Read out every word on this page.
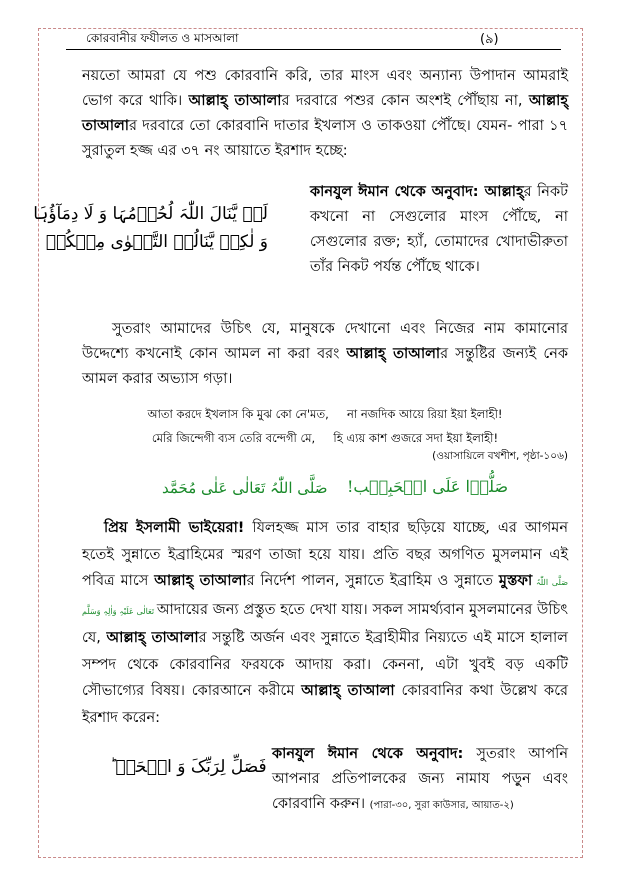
কোরবানীর ফযীলত ও মাসআলা	(৯)
নয়তো আমরা যে পশু কোরবানি করি, তার মাংস এবং অন্যান্য উপাদান আমরাই ভোগ করে থাকি। আল্লাহ্ তাআলার দরবারে পশুর কোন অংশই পৌঁছায় না, আল্লাহ্ তাআলার দরবারে তো কোরবানি দাতার ইখলাস ও তাকওয়া পৌঁছে। যেমন- পারা ১৭ সুরাতুল হজ্জ এর ৩৭ নং আয়াতে ইরশাদ হচ্ছে:
لَنۡ یَّنَالَ اللّٰہَ لُحُوۡمُہَا وَ لَا دِمَآؤُہَا
وَ لٰکِنۡ یَّنَالُہُ التَّقۡوٰی مِنۡکُمۡ
কানযুল ঈমান থেকে অনুবাদ: আল্লাহ্র নিকট কখনো না সেগুলোর মাংস পৌঁছে, না সেগুলোর রক্ত; হ্যাঁ, তোমাদের খোদাভীরুতা তাঁর নিকট পর্যন্ত পৌঁছে থাকে।
সুতরাং আমাদের উচিৎ যে, মানুষকে দেখানো এবং নিজের নাম কামানোর উদ্দেশ্যে কখনোই কোন আমল না করা বরং আল্লাহ্ তাআলার সন্তুষ্টির জন্যই নেক আমল করার অভ্যাস গড়া।
আতা করদে ইখলাস কি মুঝ কো নে'মত,     না নজদিক আয়ে রিয়া ইয়া ইলাহী!
মেরি জিন্দেগী ব্যস তেরি বন্দেগী মে,     হি এ্যয় কাশ গুজরে সদা ইয়া ইলাহী!
(ওয়াসায়িলে বখশীশ, পৃষ্ঠা-১০৬)
صَلُّوۡا عَلَی الۡحَبِیۡب!
صَلَّی اللّٰہُ تَعَالٰی عَلٰی مُحَمَّد
প্রিয় ইসলামী ভাইয়েরা! যিলহজ্জ মাস তার বাহার ছড়িয়ে যাচ্ছে, এর আগমন হতেই সুন্নাতে ইব্রাহিমের স্মরণ তাজা হয়ে যায়। প্রতি বছর অগণিত মুসলমান এই পবিত্র মাসে আল্লাহ্ তাআলার নির্দেশ পালন, সুন্নাতে ইব্রাহিম ও সুন্নাতে মুস্তফা صَلَّی اللّٰہُ تَعَالٰی عَلَیْہِ وَاٰلِہٖ وَسَلَّم আদায়ের জন্য প্রস্তুত হতে দেখা যায়। সকল সামর্থ্যবান মুসলমানের উচিৎ যে, আল্লাহ্ তাআলার সন্তুষ্টি অর্জন এবং সুন্নাতে ইব্রাহীমীর নিয়্যতে এই মাসে হালাল সম্পদ থেকে কোরবানির ফরযকে আদায় করা। কেননা, এটা খুবই বড় একটি সৌভাগ্যের বিষয়। কোরআনে করীমে আল্লাহ্ তাআলা কোরবানির কথা উল্লেখ করে ইরশাদ করেন:
فَصَلِّ لِرَبِّکَ وَ انۡحَرۡ ؕ
কানযুল ঈমান থেকে অনুবাদ: সুতরাং আপনি আপনার প্রতিপালকের জন্য নামায পড়ুন এবং কোরবানি করুন। (পারা-৩০, সুরা কাউসার, আয়াত-২)
